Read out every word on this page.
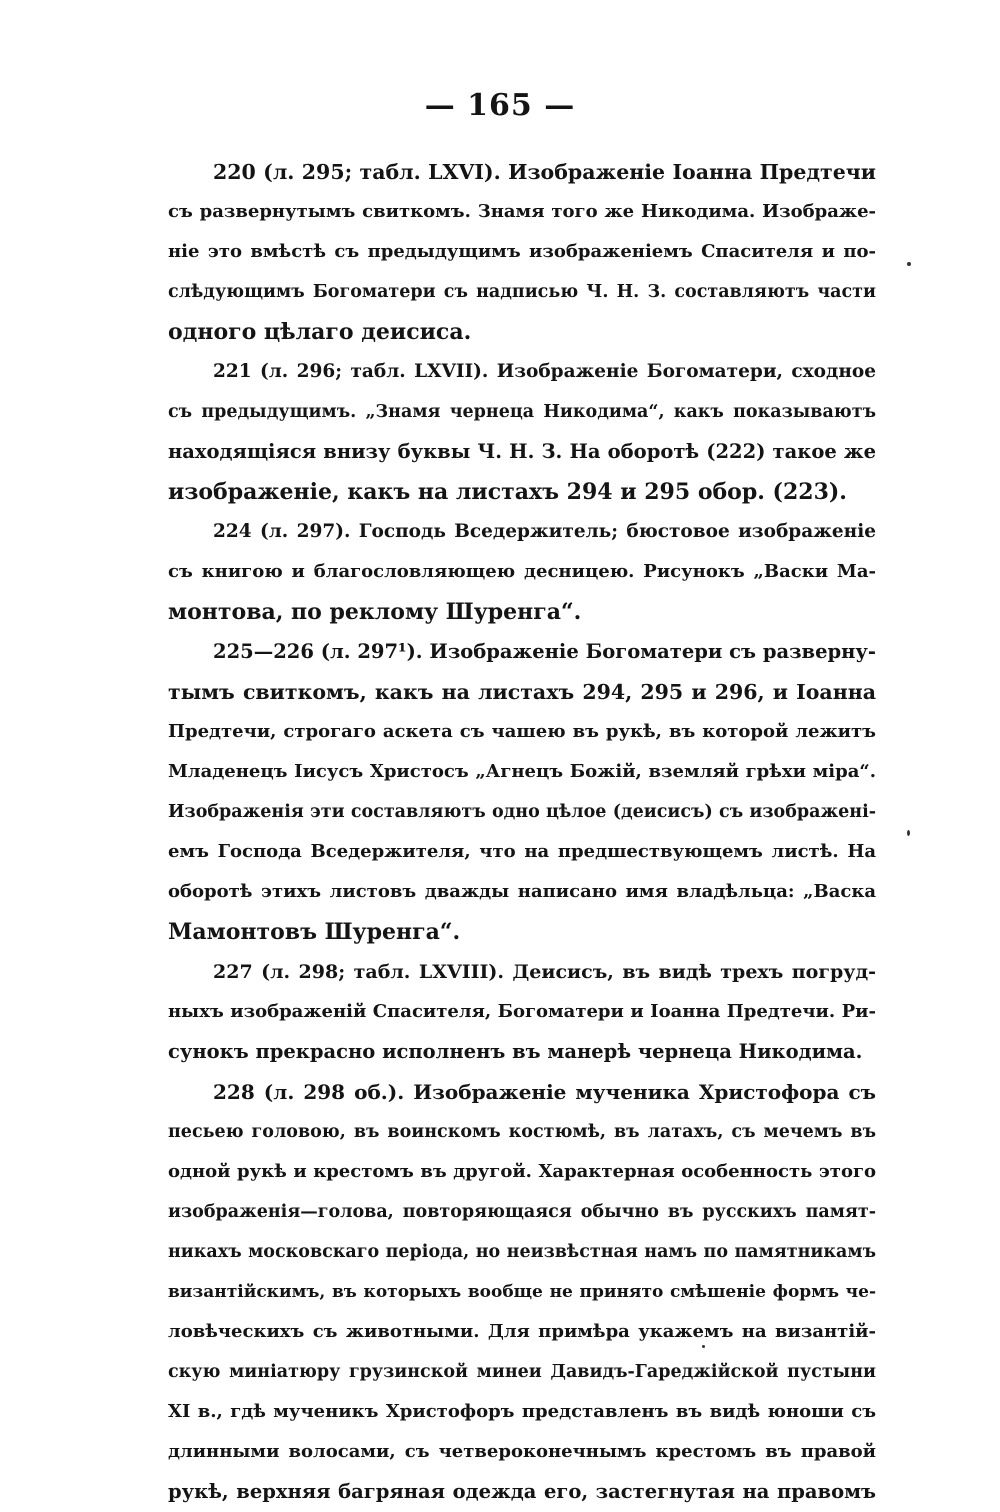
— 165 —
220 (л. 295; табл. LXVI). Изображеніе Іоанна Предтечи
съ развернутымъ свиткомъ. Знамя того же Никодима. Изображе-
ніе это вмѣстѣ съ предыдущимъ изображеніемъ Спасителя и по-
слѣдующимъ Богоматери съ надписью Ч. Н. З. составляютъ части
одного цѣлаго деисиса.
221 (л. 296; табл. LXVII). Изображеніе Богоматери, сходное
съ предыдущимъ. „Знамя чернеца Никодима“, какъ показываютъ
находящіяся внизу буквы Ч. Н. З. На оборотѣ (222) такое же
изображеніе, какъ на листахъ 294 и 295 обор. (223).
224 (л. 297). Господь Вседержитель; бюстовое изображеніе
съ книгою и благословляющею десницею. Рисунокъ „Васки Ма-
монтова, по реклому Шуренга“.
225—226 (л. 297¹). Изображеніе Богоматери съ разверну-
тымъ свиткомъ, какъ на листахъ 294, 295 и 296, и Іоанна
Предтечи, строгаго аскета съ чашею въ рукѣ, въ которой лежитъ
Младенецъ Іисусъ Христосъ „Агнецъ Божій, вземляй грѣхи міра“.
Изображенія эти составляютъ одно цѣлое (деисисъ) съ изображені-
емъ Господа Вседержителя, что на предшествующемъ листѣ. На
оборотѣ этихъ листовъ дважды написано имя владѣльца: „Васка
Мамонтовъ Шуренга“.
227 (л. 298; табл. LXVIII). Деисисъ, въ видѣ трехъ погруд-
ныхъ изображеній Спасителя, Богоматери и Іоанна Предтечи. Ри-
сунокъ прекрасно исполненъ въ манерѣ чернеца Никодима.
228 (л. 298 об.). Изображеніе мученика Христофора съ
песьею головою, въ воинскомъ костюмѣ, въ латахъ, съ мечемъ въ
одной рукѣ и крестомъ въ другой. Характерная особенность этого
изображенія—голова, повторяющаяся обычно въ русскихъ памят-
никахъ московскаго періода, но неизвѣстная намъ по памятникамъ
византійскимъ, въ которыхъ вообще не принято смѣшеніе формъ че-
ловѣческихъ съ животными. Для примѣра укажемъ на византій-
скую миніатюру грузинской минеи Давидъ-Гареджійской пустыни
XI в., гдѣ мученикъ Христофоръ представленъ въ видѣ юноши съ
длинными волосами, съ четвероконечнымъ крестомъ въ правой
рукѣ, верхняя багряная одежда его, застегнутая на правомъ
